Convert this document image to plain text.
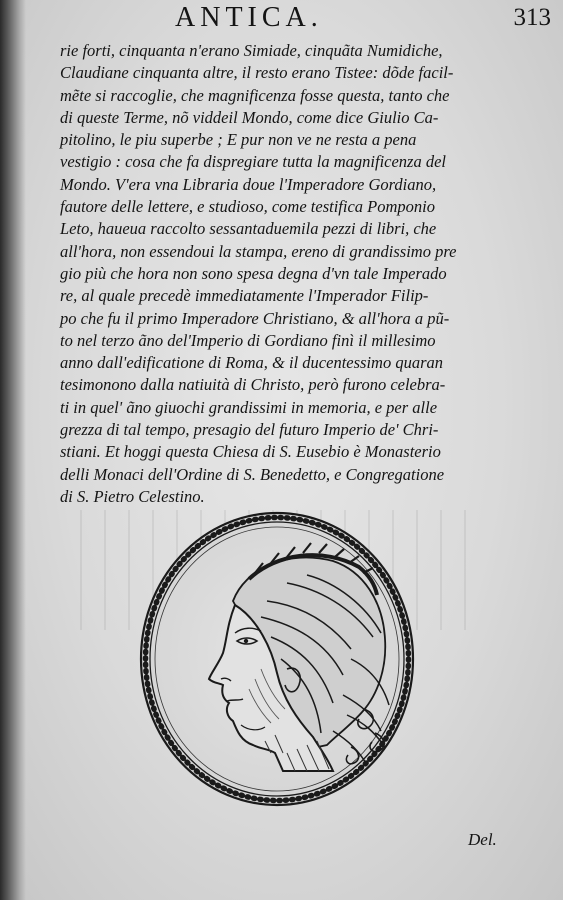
ANTICA.	313
rie forti, cinquanta n'erano Simiade, cinquãta Numidiche,
Claudiane cinquanta altre, il resto erano Tistee: dõde facil-
mẽte si raccoglie, che magnificenza fosse questa, tanto che
di queste Terme, nõ viddeil Mondo, come dice Giulio Ca-
pitolino, le piu superbe ; E pur non ve ne resta a pena
vestigio : cosa che fa dispregiare tutta la magnificenza del
Mondo. V'era vna Libraria doue l'Imperadore Gordiano,
fautore delle lettere, e studioso, come testifica Pomponio
Leto, haueua raccolto sessantaduemila pezzi di libri, che
all'hora, non essendoui la stampa, ereno di grandissimo pre
gio più che hora non sono spesa degna d'vn tale Imperado
re, al quale precedè immediatamente l'Imperador Filip-
po che fu il primo Imperadore Christiano, & all'hora a pũ-
to nel terzo ãno del'Imperio di Gordiano finì il millesimo
anno dall'edificatione di Roma, & il ducentessimo quaran
tesimonono dalla natiuità di Christo, però furono celebra-
ti in quel' ãno giuochi grandissimi in memoria, e per alle
grezza di tal tempo, presagio del futuro Imperio de' Chri-
stiani. Et hoggi questa Chiesa di S. Eusebio è Monasterio
delli Monaci dell'Ordine di S. Benedetto, e Congregatione
di S. Pietro Celestino.
Del.
